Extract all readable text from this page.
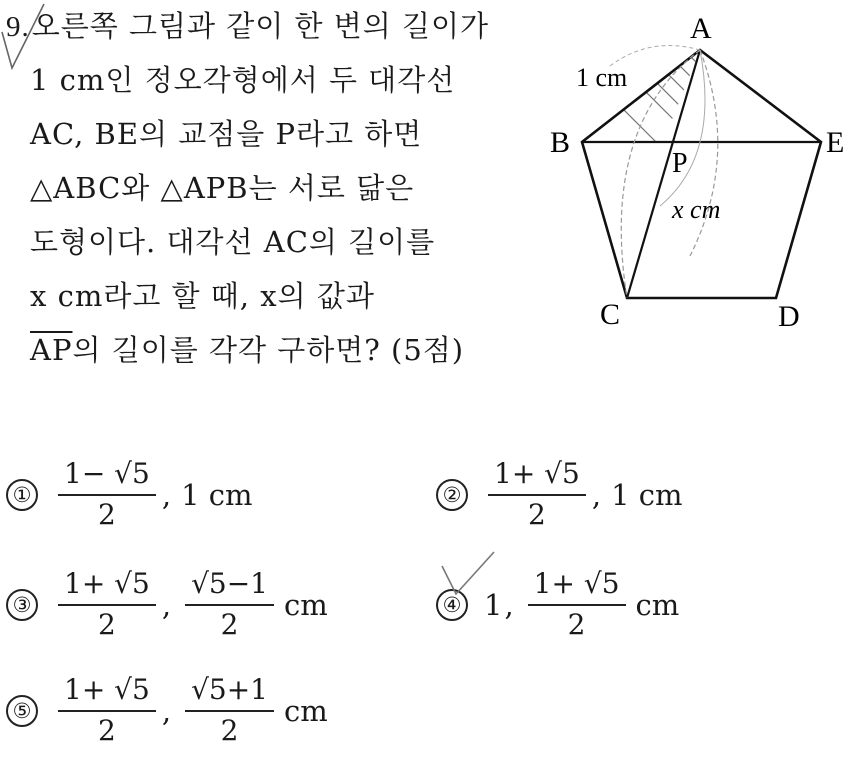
9.오른쪽 그림과 같이 한 변의 길이가
1 cm인 정오각형에서 두 대각선
AC, BE의 교점을 P라고 하면
△ABC와 △APB는 서로 닮은
도형이다. 대각선 AC의 길이를
x cm라고 할 때, x의 값과
$\overline{AP}$의 길이를 각각 구하면? (5점)
A
B	E
P
C	D
1 cm
x cm
① $\frac{1- √5}{2}$ , 1 cm	② $\frac{1+ √5}{2}$ , 1 cm
③ $\frac{1+ √5}{2}$ , $\frac{√5-1}{2}$ cm	④ 1 , $\frac{1+ √5}{2}$ cm
⑤ $\frac{1+ √5}{2}$ , $\frac{√5+1}{2}$ cm
